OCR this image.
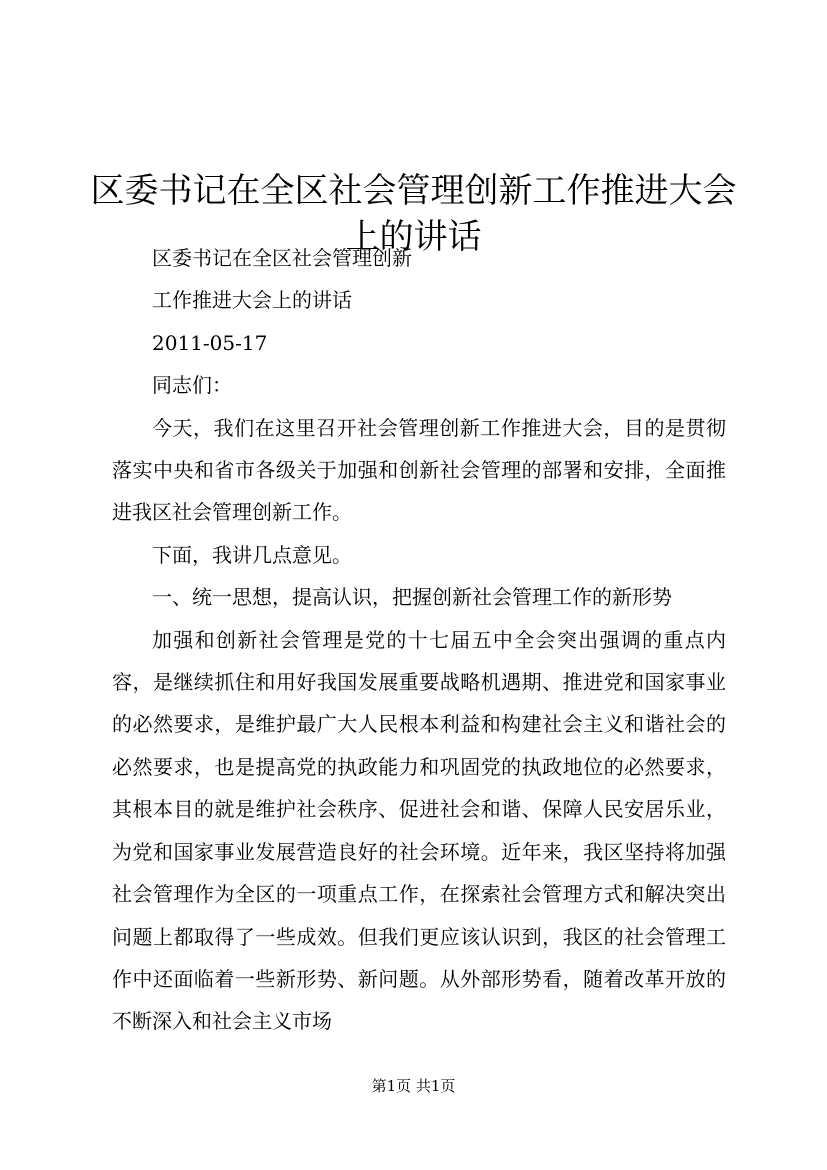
区委书记在全区社会管理创新工作推进大会上的讲话

区委书记在全区社会管理创新

工作推进大会上的讲话

2011-05-17

同志们：

今天，我们在这里召开社会管理创新工作推进大会，目的是贯彻落实中央和省市各级关于加强和创新社会管理的部署和安排，全面推进我区社会管理创新工作。

下面，我讲几点意见。

一、统一思想，提高认识，把握创新社会管理工作的新形势

加强和创新社会管理是党的十七届五中全会突出强调的重点内容，是继续抓住和用好我国发展重要战略机遇期、推进党和国家事业的必然要求，是维护最广大人民根本利益和构建社会主义和谐社会的必然要求，也是提高党的执政能力和巩固党的执政地位的必然要求，其根本目的就是维护社会秩序、促进社会和谐、保障人民安居乐业，为党和国家事业发展营造良好的社会环境。近年来，我区坚持将加强社会管理作为全区的一项重点工作，在探索社会管理方式和解决突出问题上都取得了一些成效。但我们更应该认识到，我区的社会管理工作中还面临着一些新形势、新问题。从外部形势看，随着改革开放的不断深入和社会主义市场

第1页 共1页
